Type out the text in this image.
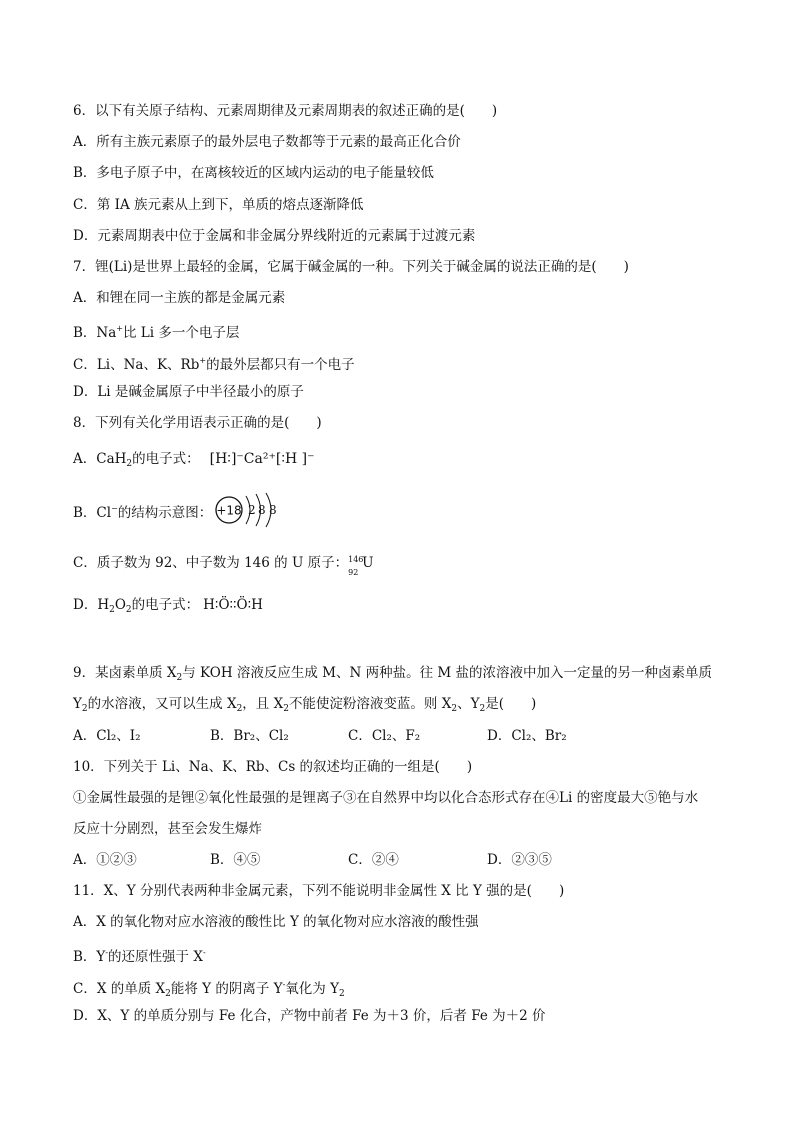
6．以下有关原子结构、元素周期律及元素周期表的叙述正确的是(　　)
A．所有主族元素原子的最外层电子数都等于元素的最高正化合价
B．多电子原子中，在离核较近的区域内运动的电子能量较低
C．第 IA 族元素从上到下，单质的熔点逐渐降低
D．元素周期表中位于金属和非金属分界线附近的元素属于过渡元素
7．锂(Li)是世界上最轻的金属，它属于碱金属的一种。下列关于碱金属的说法正确的是(　　)
A．和锂在同一主族的都是金属元素
B．Na+比 Li 多一个电子层
C．Li、Na、K、Rb+的最外层都只有一个电子
D．Li 是碱金属原子中半径最小的原子
8．下列有关化学用语表示正确的是(　　)
A．CaH$_2$的电子式： [H∶]⁻Ca²⁺[∶H ]⁻
B．Cl−的结构示意图： +18 2 8 8
C．质子数为 92、中子数为 146 的 U 原子： 146
92
U
D．$H_2O_2$的电子式： H∶Ö∶∶Ö∶H
9．某卤素单质 $X_2$与 KOH 溶液反应生成 M、N 两种盐。往 M 盐的浓溶液中加入一定量的另一种卤素单质
$Y_2$的水溶液，又可以生成 $X_2$，且 $X_2$不能使淀粉溶液变蓝。则 $X_2$、$Y_2$是(　　)
A．Cl₂、I₂	B．Br₂、Cl₂	C．Cl₂、F₂	D．Cl₂、Br₂
10．下列关于 Li、Na、K、Rb、Cs 的叙述均正确的一组是(　　)
①金属性最强的是锂②氧化性最强的是锂离子③在自然界中均以化合态形式存在④Li 的密度最大⑤铯与水
反应十分剧烈，甚至会发生爆炸
A．①②③	B．④⑤	C．②④	D．②③⑤
11．X、Y 分别代表两种非金属元素，下列不能说明非金属性 X 比 Y 强的是(　　)
A．X 的氧化物对应水溶液的酸性比 Y 的氧化物对应水溶液的酸性强
B．Y-的还原性强于 X-
C．X 的单质 $X_2$能将 Y 的阴离子 Y-氧化为 $Y_2$
D．X、Y 的单质分别与 Fe 化合，产物中前者 Fe 为＋3 价，后者 Fe 为＋2 价
